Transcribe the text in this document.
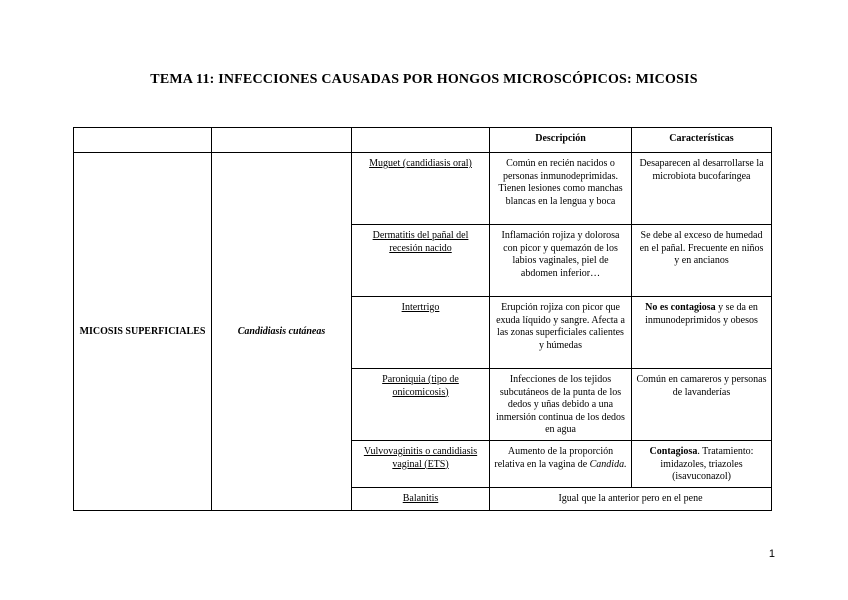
TEMA 11: INFECCIONES CAUSADAS POR HONGOS MICROSCÓPICOS: MICOSIS
			Descripción	Características
MICOSIS SUPERFICIALES	Candidiasis cutáneas	Muguet (candidiasis oral)	Común en recién nacidos o personas inmunodeprimidas. Tienen lesiones como manchas blancas en la lengua y boca	Desaparecen al desarrollarse la microbiota bucofaríngea
		Dermatitis del pañal del recesión nacido	Inflamación rojiza y dolorosa con picor y quemazón de los labios vaginales, piel de abdomen inferior…	Se debe al exceso de humedad en el pañal. Frecuente en niños y en ancianos
		Intertrigo	Erupción rojiza con picor que exuda líquido y sangre. Afecta a las zonas superficiales calientes y húmedas	No es contagiosa y se da en inmunodeprimidos y obesos
		Paroniquia (tipo de onicomicosis)	Infecciones de los tejidos subcutáneos de la punta de los dedos y uñas debido a una inmersión continua de los dedos en agua	Común en camareros y personas de lavanderías
		Vulvovaginitis o candidiasis vaginal (ETS)	Aumento de la proporción relativa en la vagina de Candida.	Contagiosa. Tratamiento: imidazoles, triazoles (isavuconazol)
		Balanitis	Igual que la anterior pero en el pene	
1
